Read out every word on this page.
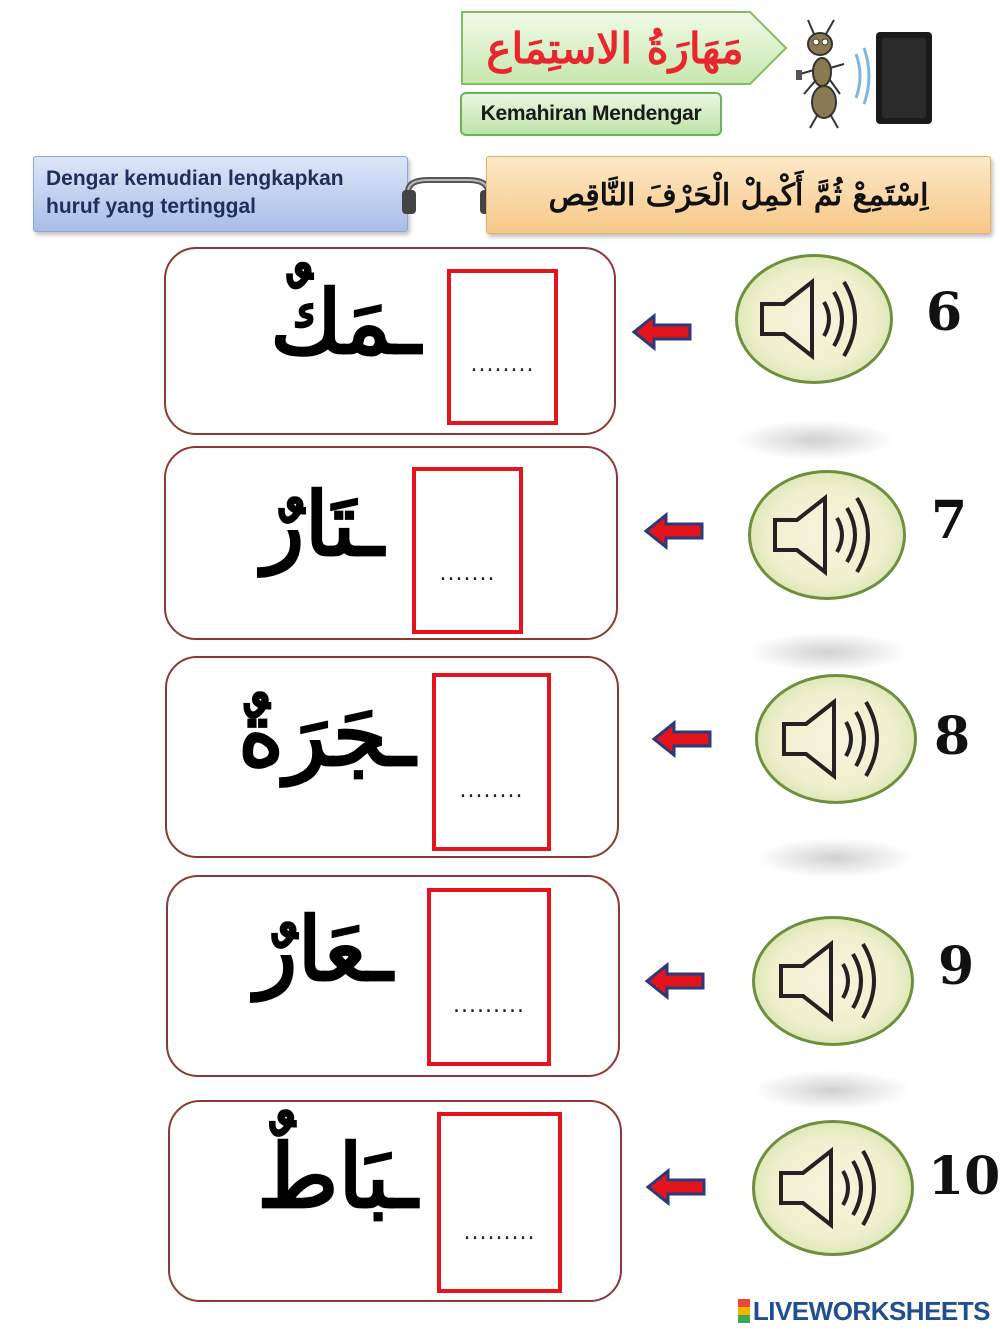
مَهَارَةُ الاستِمَاع
Kemahiran Mendengar
Dengar kemudian lengkapkan
huruf yang tertinggal	اِسْتَمِعْ ثُمَّ أَكْمِلْ الْحَرْفَ النَّاقِص
ـمَكٌ ........
6
ـتَارٌ	.......
7
ـجَرَةٌ
........
8
ـعَارٌ
.........
9
ـبَاطٌ
.........
10
LIVEWORKSHEETS
